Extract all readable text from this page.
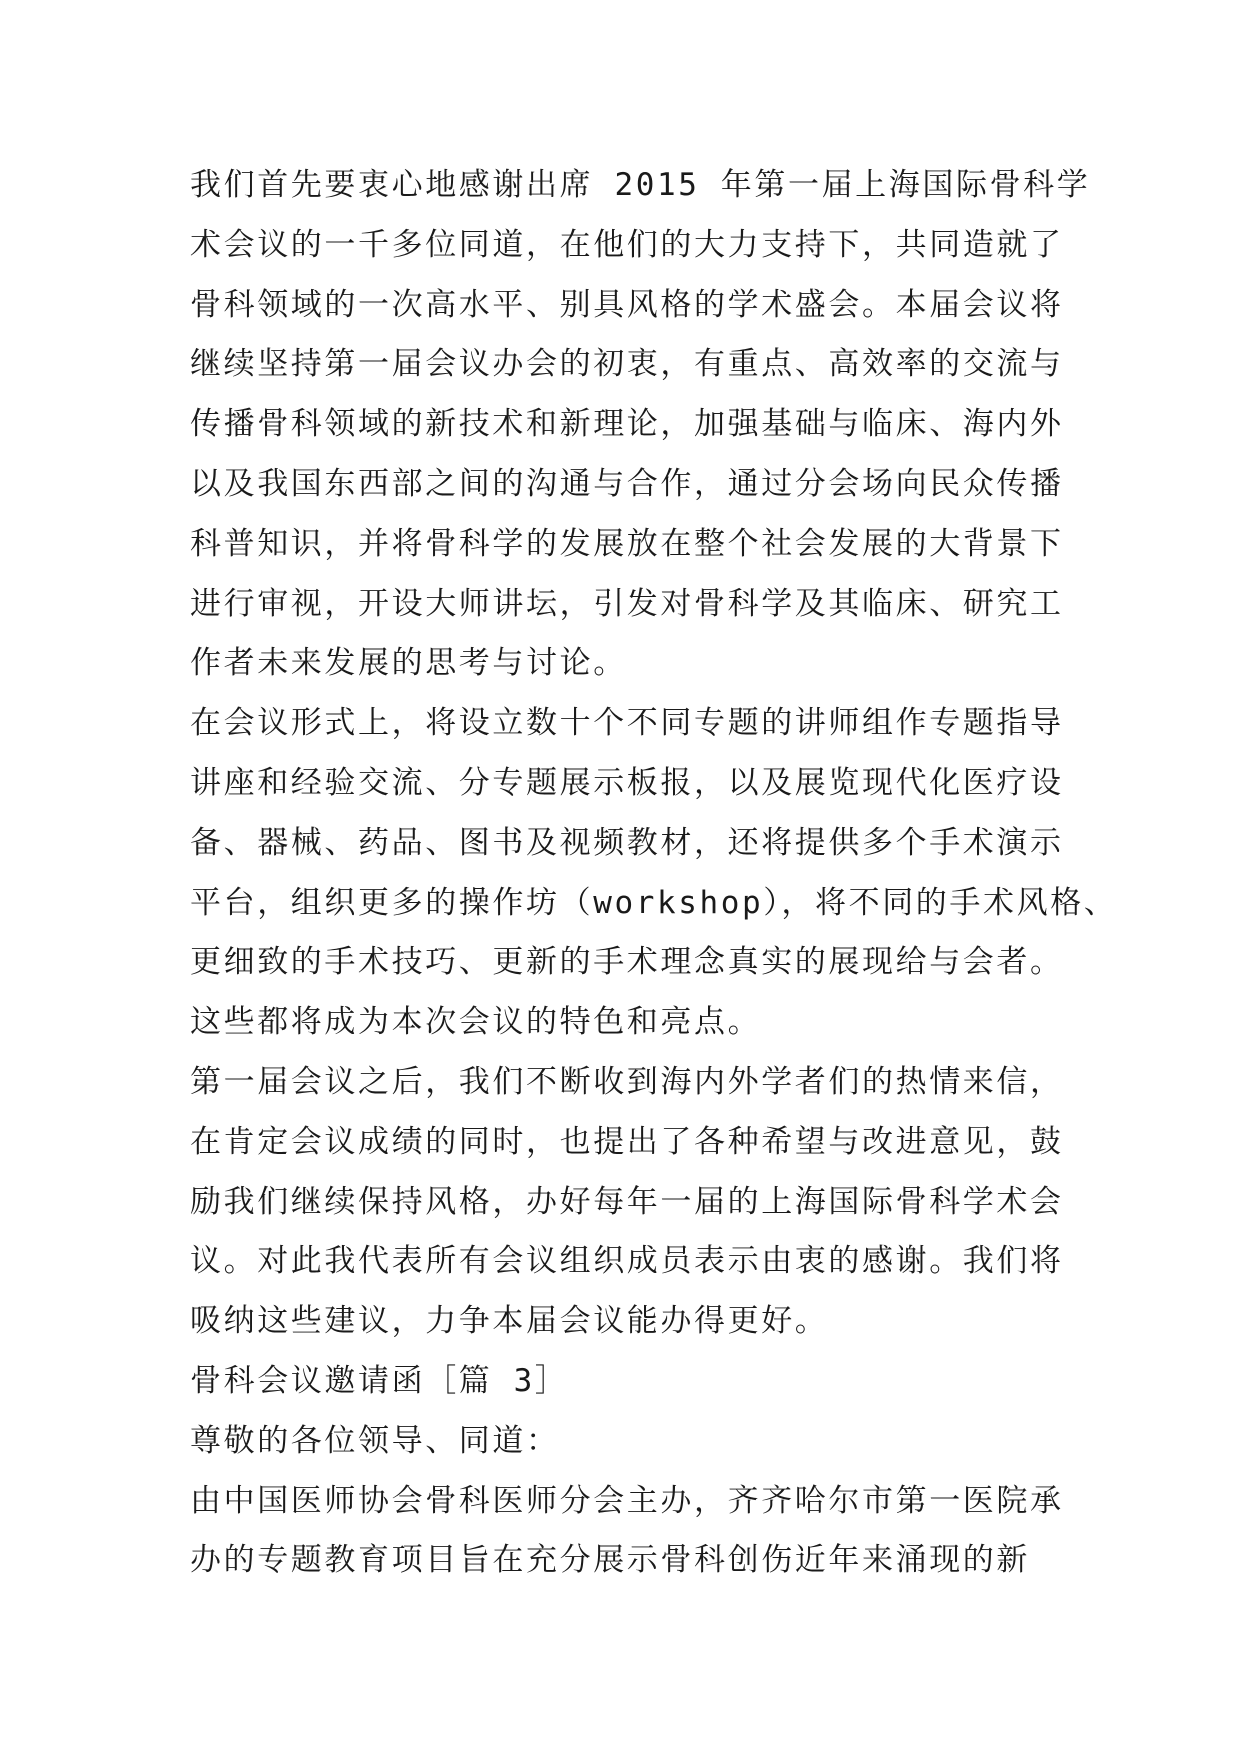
我们首先要衷心地感谢出席 2015 年第一届上海国际骨科学
术会议的一千多位同道，在他们的大力支持下，共同造就了
骨科领域的一次高水平、别具风格的学术盛会。本届会议将
继续坚持第一届会议办会的初衷，有重点、高效率的交流与
传播骨科领域的新技术和新理论，加强基础与临床、海内外
以及我国东西部之间的沟通与合作，通过分会场向民众传播
科普知识，并将骨科学的发展放在整个社会发展的大背景下
进行审视，开设大师讲坛，引发对骨科学及其临床、研究工
作者未来发展的思考与讨论。
在会议形式上，将设立数十个不同专题的讲师组作专题指导
讲座和经验交流、分专题展示板报，以及展览现代化医疗设
备、器械、药品、图书及视频教材，还将提供多个手术演示
平台，组织更多的操作坊（workshop），将不同的手术风格、
更细致的手术技巧、更新的手术理念真实的展现给与会者。
这些都将成为本次会议的特色和亮点。
第一届会议之后，我们不断收到海内外学者们的热情来信，
在肯定会议成绩的同时，也提出了各种希望与改进意见，鼓
励我们继续保持风格，办好每年一届的上海国际骨科学术会
议。对此我代表所有会议组织成员表示由衷的感谢。我们将
吸纳这些建议，力争本届会议能办得更好。
骨科会议邀请函［篇 3］
尊敬的各位领导、同道：
由中国医师协会骨科医师分会主办，齐齐哈尔市第一医院承
办的专题教育项目旨在充分展示骨科创伤近年来涌现的新
